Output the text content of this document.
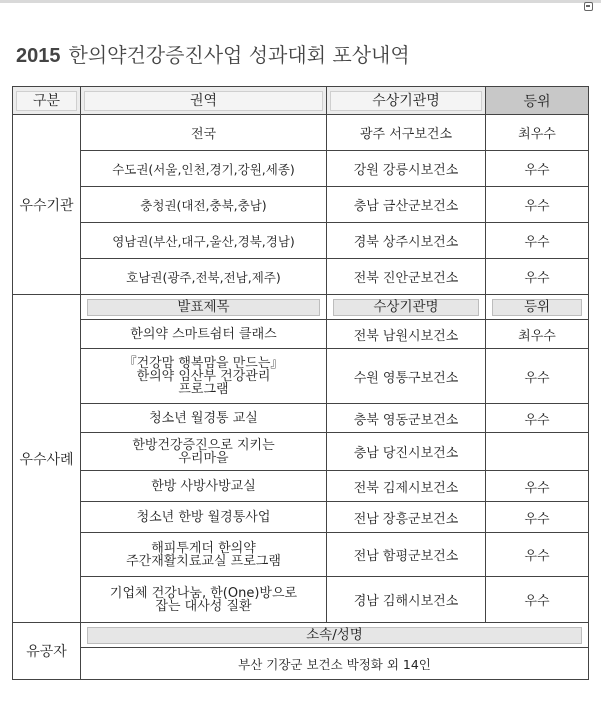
2015 한의약건강증진사업 성과대회 포상내역
구분	권역	수상기관명	등위
우수기관	전국	광주 서구보건소	최우수
	수도권(서울,인천,경기,강원,세종)	강원 강릉시보건소	우수
	충청권(대전,충북,충남)	충남 금산군보건소	우수
	영남권(부산,대구,울산,경북,경남)	경북 상주시보건소	우수
	호남권(광주,전북,전남,제주)	전북 진안군보건소	우수
우수사례	발표제목	수상기관명	등위

	한의약 스마트쉼터 클래스	전북 남원시보건소	최우수

	『건강맘 행복맘을 만드는』
한의약 임산부 건강관리
프로그램	수원 영통구보건소	우수

	청소년 월경통 교실	충북 영동군보건소	우수

	한방건강증진으로 지키는
우리마을	충남 당진시보건소	

	한방 사방사방교실	전북 김제시보건소	우수

	청소년 한방 월경통사업	전남 장흥군보건소	우수

	해피투게더 한의약
주간재활치료교실 프로그램	전남 함평군보건소	우수

	기업체 건강나눔, 한(One)방으로
잡는 대사성 질환	경남 김해시보건소	우수
유공자	소속/성명		

	부산 기장군 보건소 박정화 외 14인		
